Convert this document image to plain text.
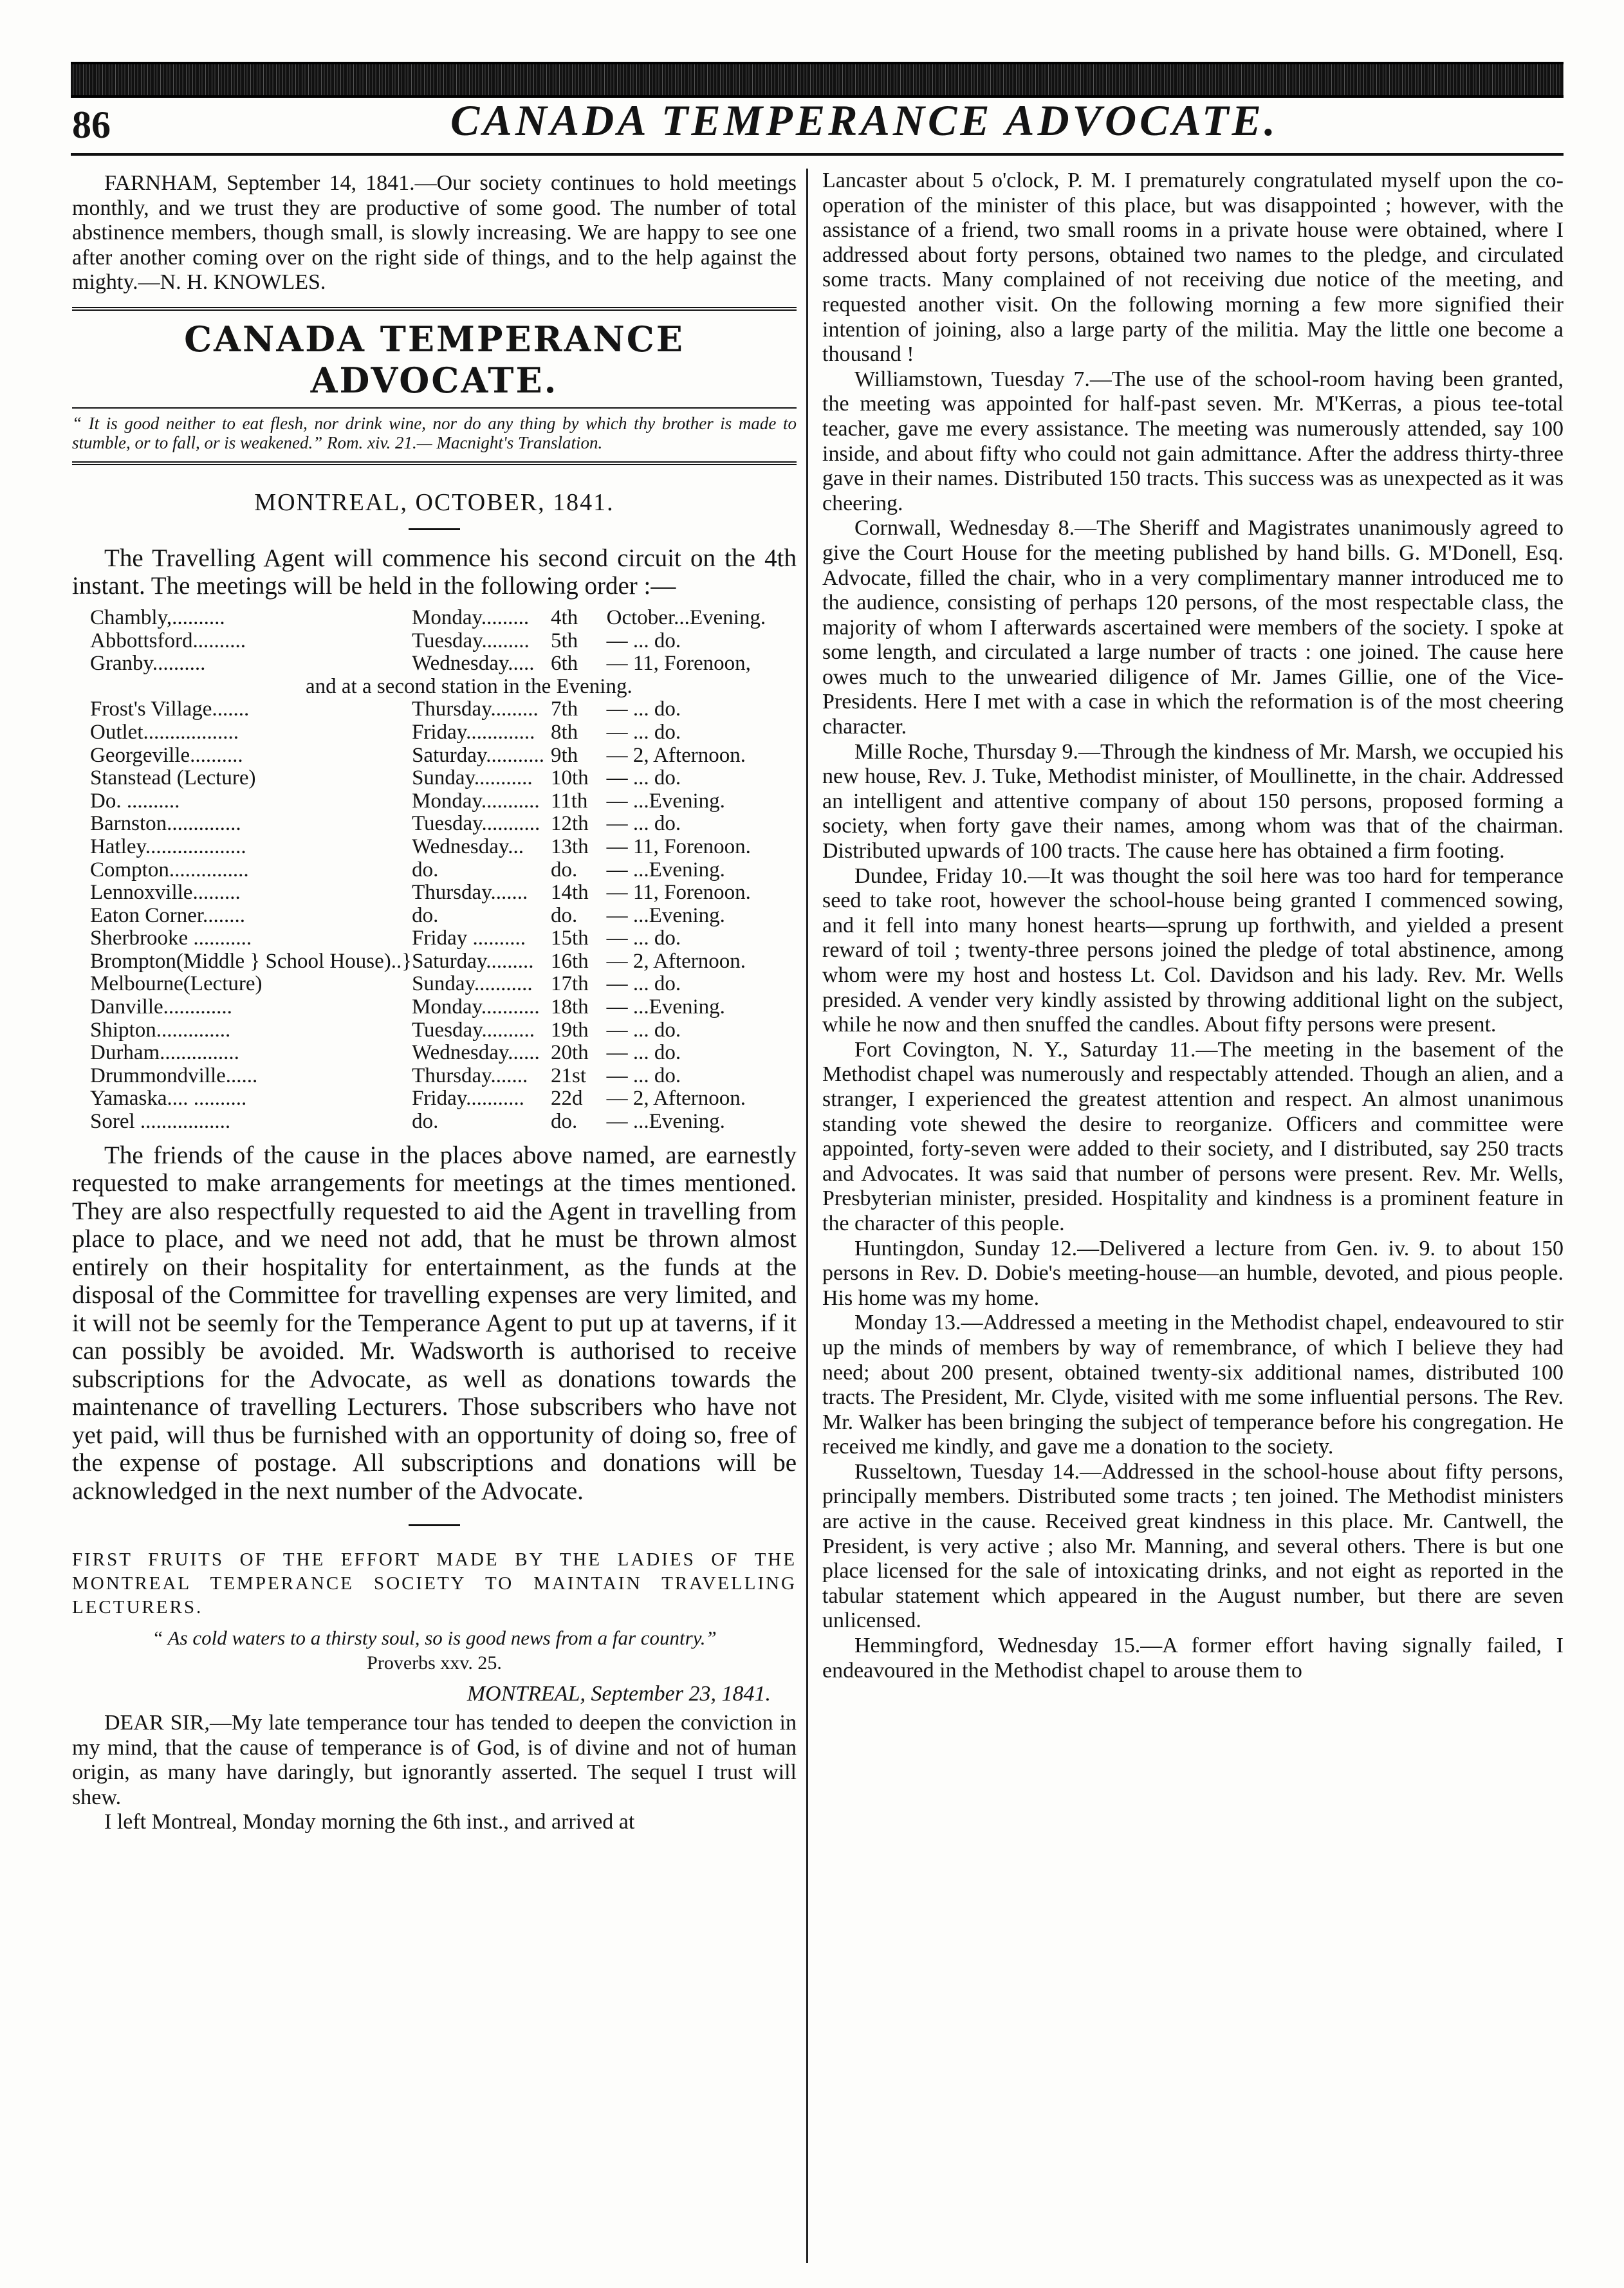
86	CANADA TEMPERANCE ADVOCATE.

FARNHAM, September 14, 1841.—Our society continues to hold meetings monthly, and we trust they are productive of some good. The number of total abstinence members, though small, is slowly increasing. We are happy to see one after another coming over on the right side of things, and to the help against the mighty.—N. H. KNOWLES.

CANADA TEMPERANCE ADVOCATE.

“ It is good neither to eat flesh, nor drink wine, nor do any thing by which thy brother is made to stumble, or to fall, or is weakened.” Rom. xiv. 21.— Macnight's Translation.

MONTREAL, OCTOBER, 1841.

The Travelling Agent will commence his second circuit on the 4th instant. The meetings will be held in the following order :—

Chambly,..........	Monday.........	4th	October...Evening.
Abbottsford..........	Tuesday.........	5th	— ... do.
Granby..........	Wednesday.....	6th	— 11, Forenoon,
and at a second station in the Evening.			
Frost's Village.......	Thursday.........	7th	— ... do.
Outlet..................	Friday.............	8th	— ... do.
Georgeville..........	Saturday...........	9th	— 2, Afternoon.
Stanstead (Lecture)	Sunday...........	10th	— ... do.
Do. ..........	Monday...........	11th	— ...Evening.
Barnston..............	Tuesday...........	12th	— ... do.
Hatley...................	Wednesday...	13th	— 11, Forenoon.
Compton...............	do.	do.	— ...Evening.
Lennoxville.........	Thursday.......	14th	— 11, Forenoon.
Eaton Corner........	do.	do.	— ...Evening.
Sherbrooke ...........	Friday ..........	15th	— ... do.
Brompton(Middle } School House)..}	Saturday.........	16th	— 2, Afternoon.
Melbourne(Lecture)	Sunday...........	17th	— ... do.
Danville.............	Monday...........	18th	— ...Evening.
Shipton..............	Tuesday..........	19th	— ... do.
Durham...............	Wednesday......	20th	— ... do.
Drummondville......	Thursday.......	21st	— ... do.
Yamaska.... ..........	Friday...........	22d	— 2, Afternoon.
Sorel .................	do.	do.	— ...Evening.

The friends of the cause in the places above named, are earnestly requested to make arrangements for meetings at the times mentioned. They are also respectfully requested to aid the Agent in travelling from place to place, and we need not add, that he must be thrown almost entirely on their hospitality for entertainment, as the funds at the disposal of the Committee for travelling expenses are very limited, and it will not be seemly for the Temperance Agent to put up at taverns, if it can possibly be avoided. Mr. Wadsworth is authorised to receive subscriptions for the Advocate, as well as donations towards the maintenance of travelling Lecturers. Those subscribers who have not yet paid, will thus be furnished with an opportunity of doing so, free of the expense of postage. All subscriptions and donations will be acknowledged in the next number of the Advocate.

FIRST FRUITS OF THE EFFORT MADE BY THE LADIES OF THE MONTREAL TEMPERANCE SOCIETY TO MAINTAIN TRAVELLING LECTURERS.

“ As cold waters to a thirsty soul, so is good news from a far country.”

Proverbs xxv. 25.

MONTREAL, September 23, 1841.

DEAR SIR,—My late temperance tour has tended to deepen the conviction in my mind, that the cause of temperance is of God, is of divine and not of human origin, as many have daringly, but ignorantly asserted. The sequel I trust will shew.

I left Montreal, Monday morning the 6th inst., and arrived at

Lancaster about 5 o'clock, P. M. I prematurely congratulated myself upon the co-operation of the minister of this place, but was disappointed ; however, with the assistance of a friend, two small rooms in a private house were obtained, where I addressed about forty persons, obtained two names to the pledge, and circulated some tracts. Many complained of not receiving due notice of the meeting, and requested another visit. On the following morning a few more signified their intention of joining, also a large party of the militia. May the little one become a thousand !

Williamstown, Tuesday 7.—The use of the school-room having been granted, the meeting was appointed for half-past seven. Mr. M'Kerras, a pious tee-total teacher, gave me every assistance. The meeting was numerously attended, say 100 inside, and about fifty who could not gain admittance. After the address thirty-three gave in their names. Distributed 150 tracts. This success was as unexpected as it was cheering.

Cornwall, Wednesday 8.—The Sheriff and Magistrates unanimously agreed to give the Court House for the meeting published by hand bills. G. M'Donell, Esq. Advocate, filled the chair, who in a very complimentary manner introduced me to the audience, consisting of perhaps 120 persons, of the most respectable class, the majority of whom I afterwards ascertained were members of the society. I spoke at some length, and circulated a large number of tracts : one joined. The cause here owes much to the unwearied diligence of Mr. James Gillie, one of the Vice-Presidents. Here I met with a case in which the reformation is of the most cheering character.

Mille Roche, Thursday 9.—Through the kindness of Mr. Marsh, we occupied his new house, Rev. J. Tuke, Methodist minister, of Moullinette, in the chair. Addressed an intelligent and attentive company of about 150 persons, proposed forming a society, when forty gave their names, among whom was that of the chairman. Distributed upwards of 100 tracts. The cause here has obtained a firm footing.

Dundee, Friday 10.—It was thought the soil here was too hard for temperance seed to take root, however the school-house being granted I commenced sowing, and it fell into many honest hearts—sprung up forthwith, and yielded a present reward of toil ; twenty-three persons joined the pledge of total abstinence, among whom were my host and hostess Lt. Col. Davidson and his lady. Rev. Mr. Wells presided. A vender very kindly assisted by throwing additional light on the subject, while he now and then snuffed the candles. About fifty persons were present.

Fort Covington, N. Y., Saturday 11.—The meeting in the basement of the Methodist chapel was numerously and respectably attended. Though an alien, and a stranger, I experienced the greatest attention and respect. An almost unanimous standing vote shewed the desire to reorganize. Officers and committee were appointed, forty-seven were added to their society, and I distributed, say 250 tracts and Advocates. It was said that number of persons were present. Rev. Mr. Wells, Presbyterian minister, presided. Hospitality and kindness is a prominent feature in the character of this people.

Huntingdon, Sunday 12.—Delivered a lecture from Gen. iv. 9. to about 150 persons in Rev. D. Dobie's meeting-house—an humble, devoted, and pious people. His home was my home.

Monday 13.—Addressed a meeting in the Methodist chapel, endeavoured to stir up the minds of members by way of remembrance, of which I believe they had need; about 200 present, obtained twenty-six additional names, distributed 100 tracts. The President, Mr. Clyde, visited with me some influential persons. The Rev. Mr. Walker has been bringing the subject of temperance before his congregation. He received me kindly, and gave me a donation to the society.

Russeltown, Tuesday 14.—Addressed in the school-house about fifty persons, principally members. Distributed some tracts ; ten joined. The Methodist ministers are active in the cause. Received great kindness in this place. Mr. Cantwell, the President, is very active ; also Mr. Manning, and several others. There is but one place licensed for the sale of intoxicating drinks, and not eight as reported in the tabular statement which appeared in the August number, but there are seven unlicensed.

Hemmingford, Wednesday 15.—A former effort having signally failed, I endeavoured in the Methodist chapel to arouse them to
